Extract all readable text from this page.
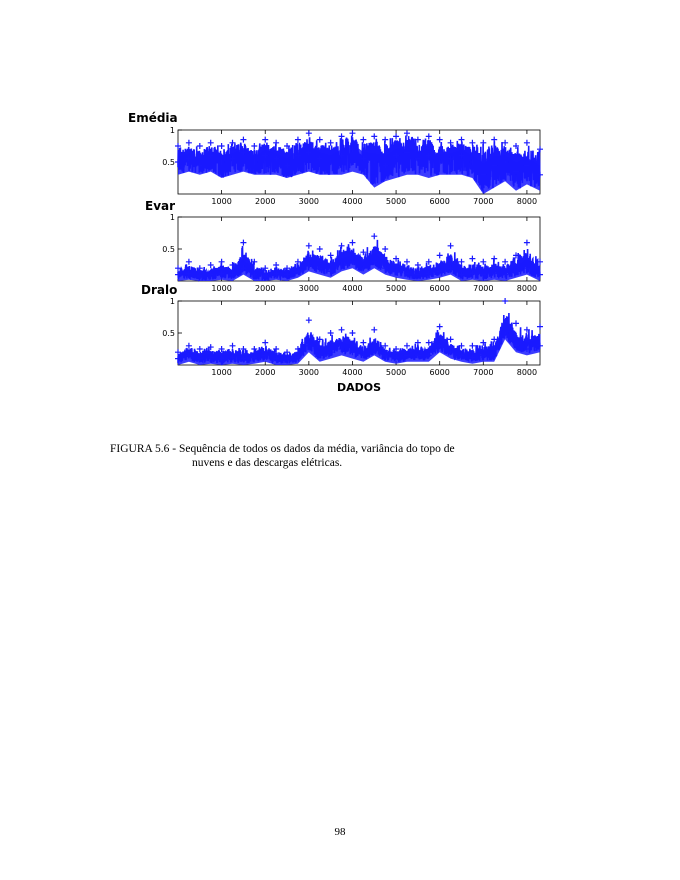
Emédia
0.5
1
1000	2000	3000	4000	5000	6000	7000	8000
Evar
0.5
1
1000	2000	3000	4000	5000	6000	7000	8000
Dralo
0.5
1
1000	2000	3000	4000	5000	6000	7000	8000
DADOS
FIGURA 5.6 - Sequência de todos os dados da média, variância do topo de
nuvens e das descargas elétricas.
98
